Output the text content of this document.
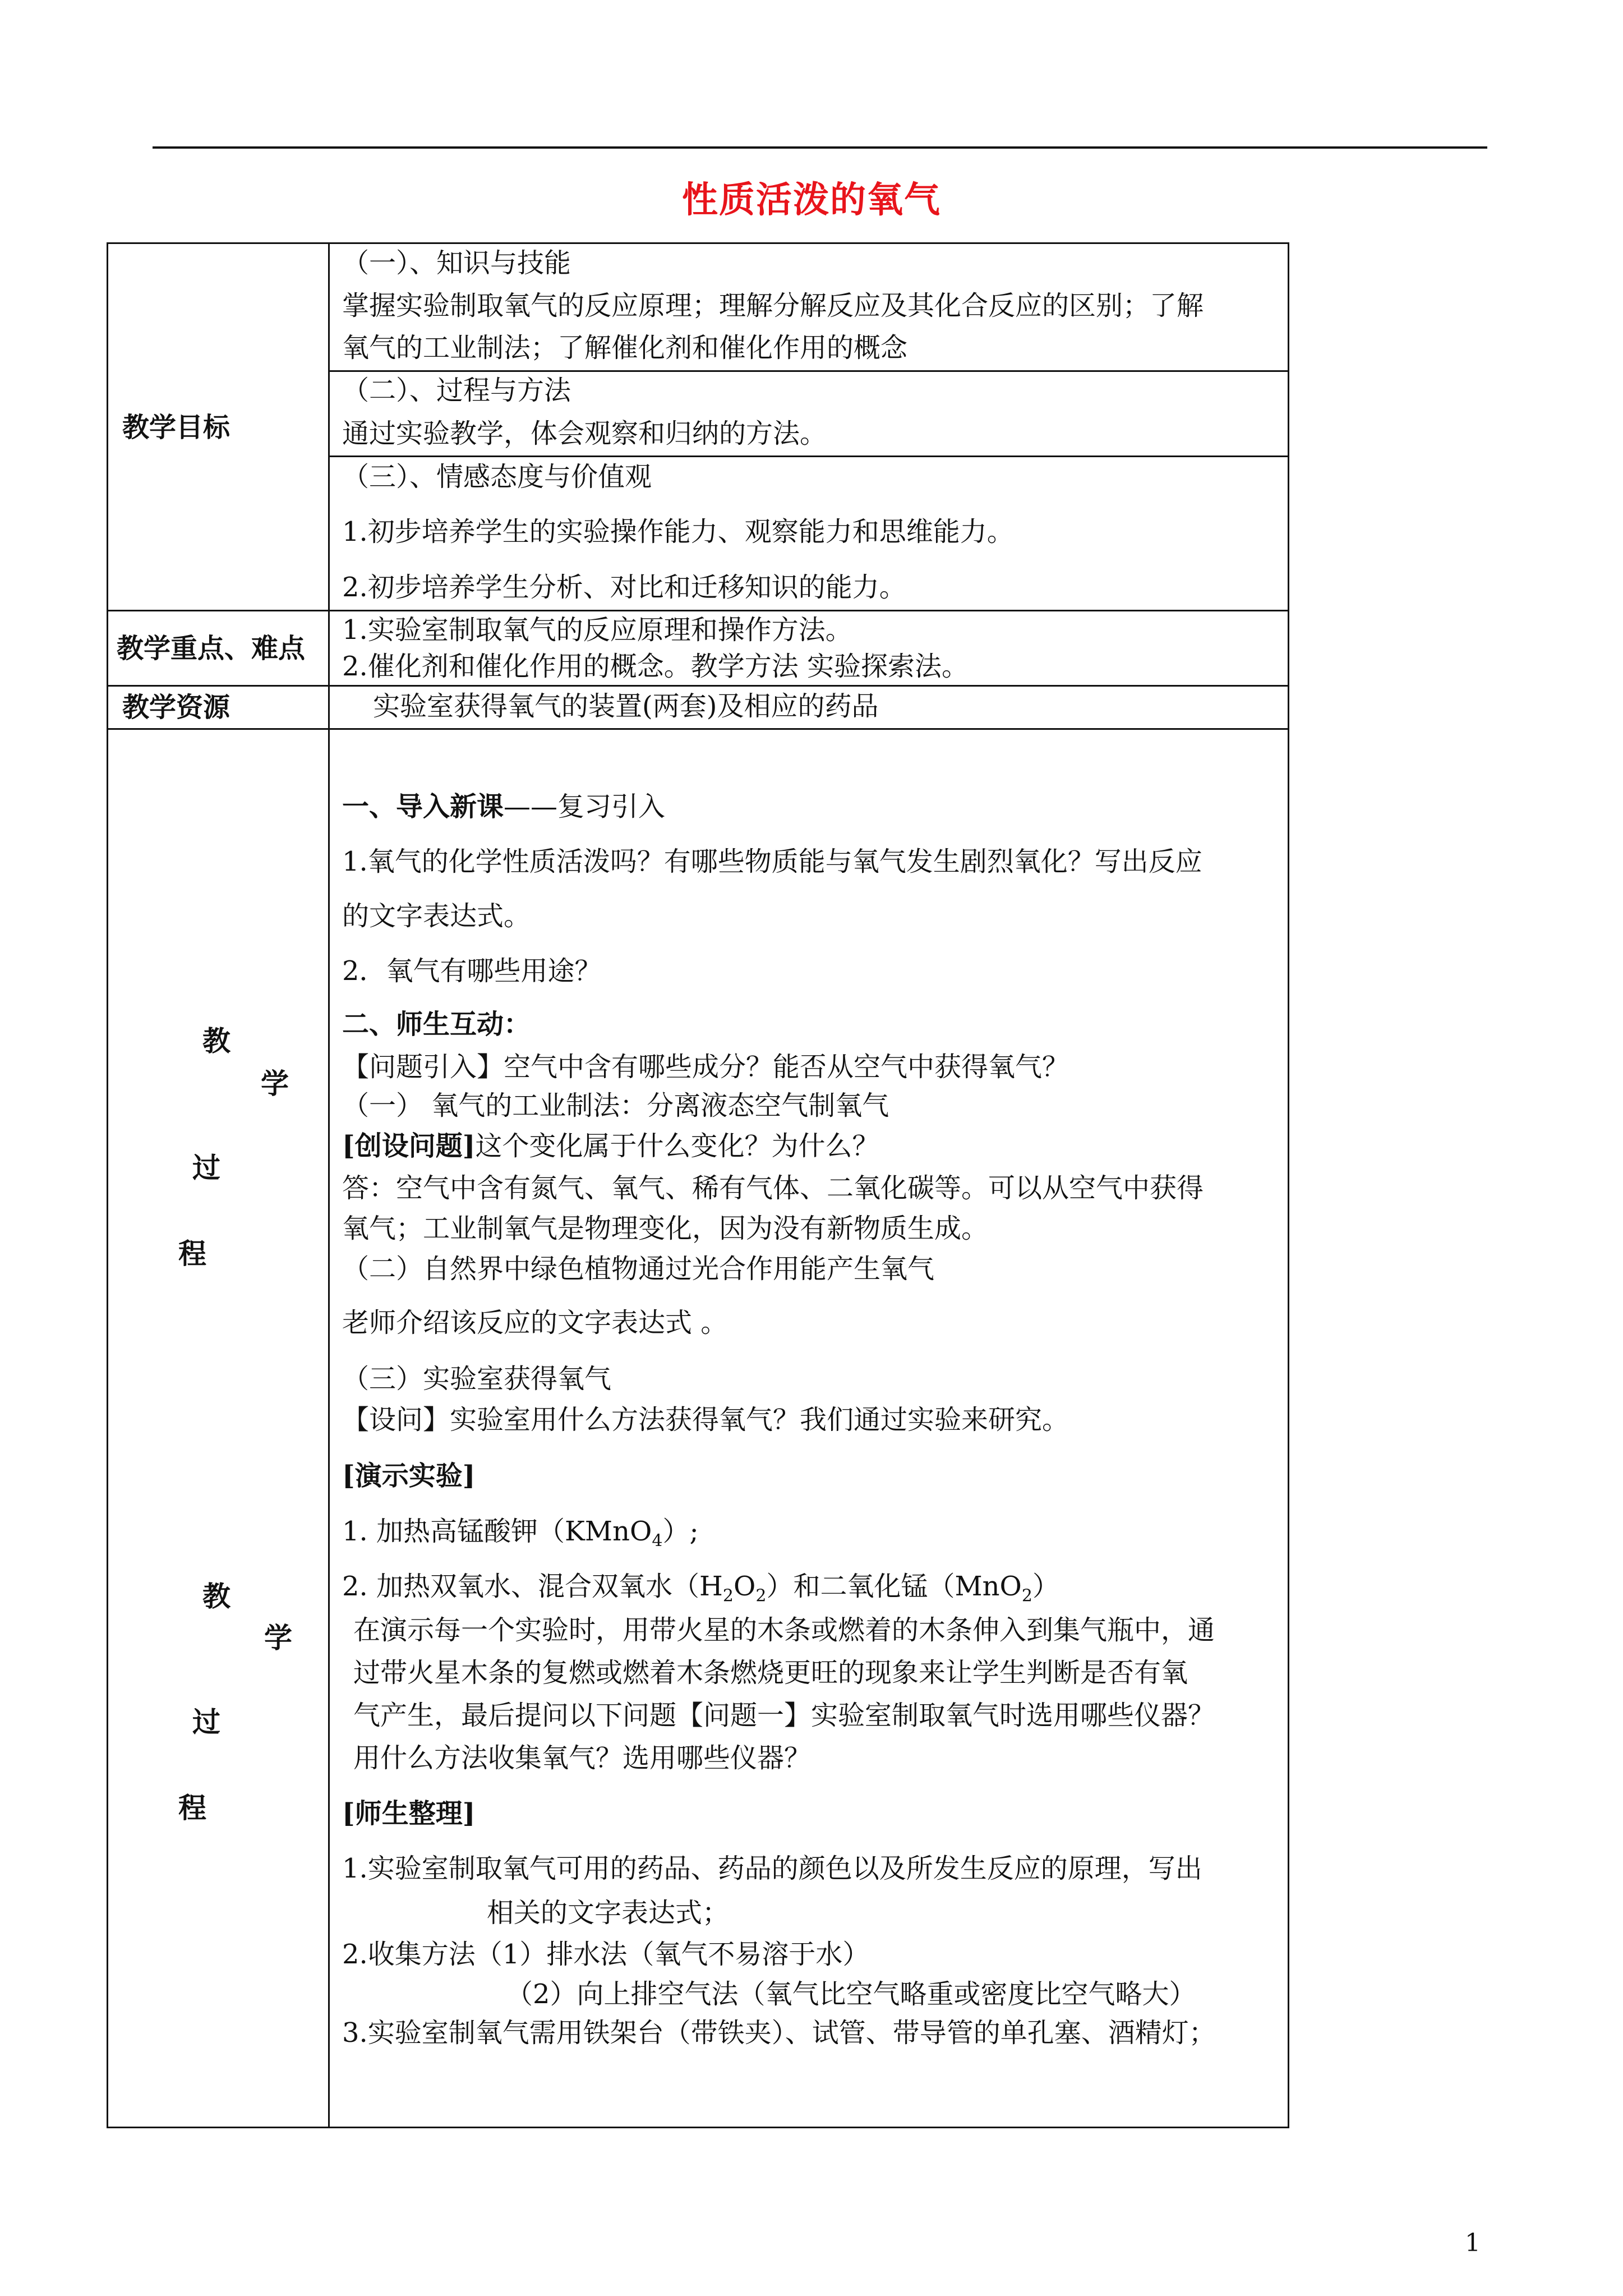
性质活泼的氧气
教学目标
教学重点、难点
教学资源
教
学
过
程
教
学
过
程
（一）、知识与技能
掌握实验制取氧气的反应原理；理解分解反应及其化合反应的区别；了解
氧气的工业制法；了解催化剂和催化作用的概念
（二）、过程与方法
通过实验教学，体会观察和归纳的方法。
（三）、情感态度与价值观
1.初步培养学生的实验操作能力、观察能力和思维能力。
2.初步培养学生分析、对比和迁移知识的能力。
1.实验室制取氧气的反应原理和操作方法。
2.催化剂和催化作用的概念。教学方法 实验探索法。
实验室获得氧气的装置(两套)及相应的药品
一、导入新课——复习引入
1.氧气的化学性质活泼吗？有哪些物质能与氧气发生剧烈氧化？写出反应
的文字表达式。
2．氧气有哪些用途？
二、师生互动：
【问题引入】空气中含有哪些成分？能否从空气中获得氧气？
（一） 氧气的工业制法：分离液态空气制氧气
[创设问题]这个变化属于什么变化？为什么？
答：空气中含有氮气、氧气、稀有气体、二氧化碳等。可以从空气中获得
氧气；工业制氧气是物理变化，因为没有新物质生成。
（二）自然界中绿色植物通过光合作用能产生氧气
老师介绍该反应的文字表达式 。
（三）实验室获得氧气
【设问】实验室用什么方法获得氧气？我们通过实验来研究。
[演示实验]
1. 加热高锰酸钾（KMnO$_4$）;
2. 加热双氧水、混合双氧水$(H_2O_2)$和二氧化锰（MnO$_2$）
在演示每一个实验时，用带火星的木条或燃着的木条伸入到集气瓶中，通
过带火星木条的复燃或燃着木条燃烧更旺的现象来让学生判断是否有氧
气产生，最后提问以下问题【问题一】实验室制取氧气时选用哪些仪器？
用什么方法收集氧气？选用哪些仪器？
[师生整理]
1.实验室制取氧气可用的药品、药品的颜色以及所发生反应的原理，写出
相关的文字表达式；
2.收集方法（1）排水法（氧气不易溶于水）
（2）向上排空气法（氧气比空气略重或密度比空气略大）
3.实验室制氧气需用铁架台（带铁夹）、试管、带导管的单孔塞、酒精灯；
1
